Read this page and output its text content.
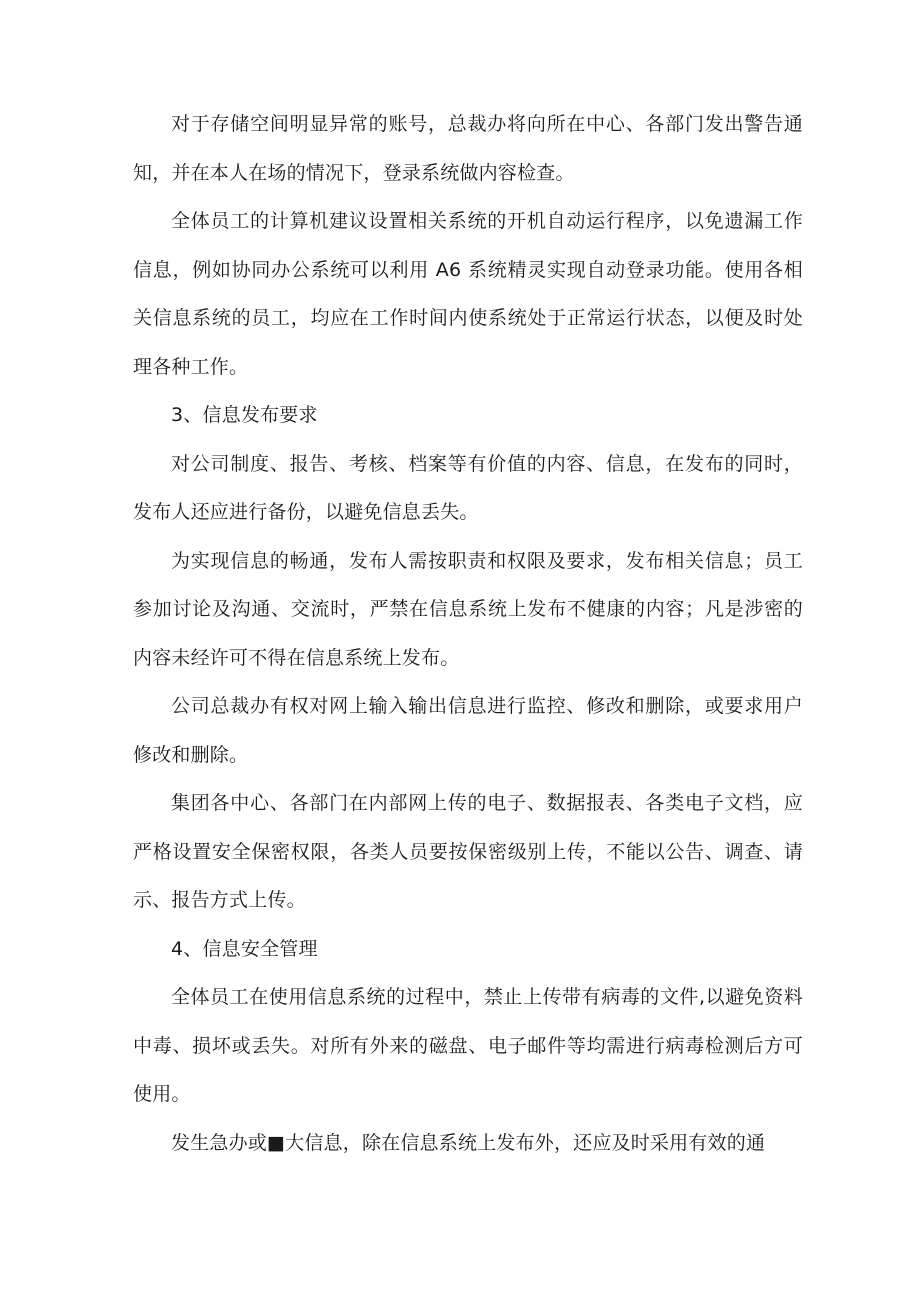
对于存储空间明显异常的账号，总裁办将向所在中心、各部门发出警告通知，并在本人在场的情况下，登录系统做内容检查。

全体员工的计算机建议设置相关系统的开机自动运行程序，以免遗漏工作信息，例如协同办公系统可以利用 A6 系统精灵实现自动登录功能。使用各相关信息系统的员工，均应在工作时间内使系统处于正常运行状态，以便及时处理各种工作。

3、信息发布要求

对公司制度、报告、考核、档案等有价值的内容、信息，在发布的同时，发布人还应进行备份，以避免信息丢失。

为实现信息的畅通，发布人需按职责和权限及要求，发布相关信息；员工参加讨论及沟通、交流时，严禁在信息系统上发布不健康的内容；凡是涉密的内容未经许可不得在信息系统上发布。

公司总裁办有权对网上输入输出信息进行监控、修改和删除，或要求用户修改和删除。

集团各中心、各部门在内部网上传的电子、数据报表、各类电子文档，应严格设置安全保密权限，各类人员要按保密级别上传，不能以公告、调查、请示、报告方式上传。

4、信息安全管理

全体员工在使用信息系统的过程中，禁止上传带有病毒的文件,以避免资料中毒、损坏或丢失。对所有外来的磁盘、电子邮件等均需进行病毒检测后方可使用。

发生急办或■大信息，除在信息系统上发布外，还应及时采用有效的通
